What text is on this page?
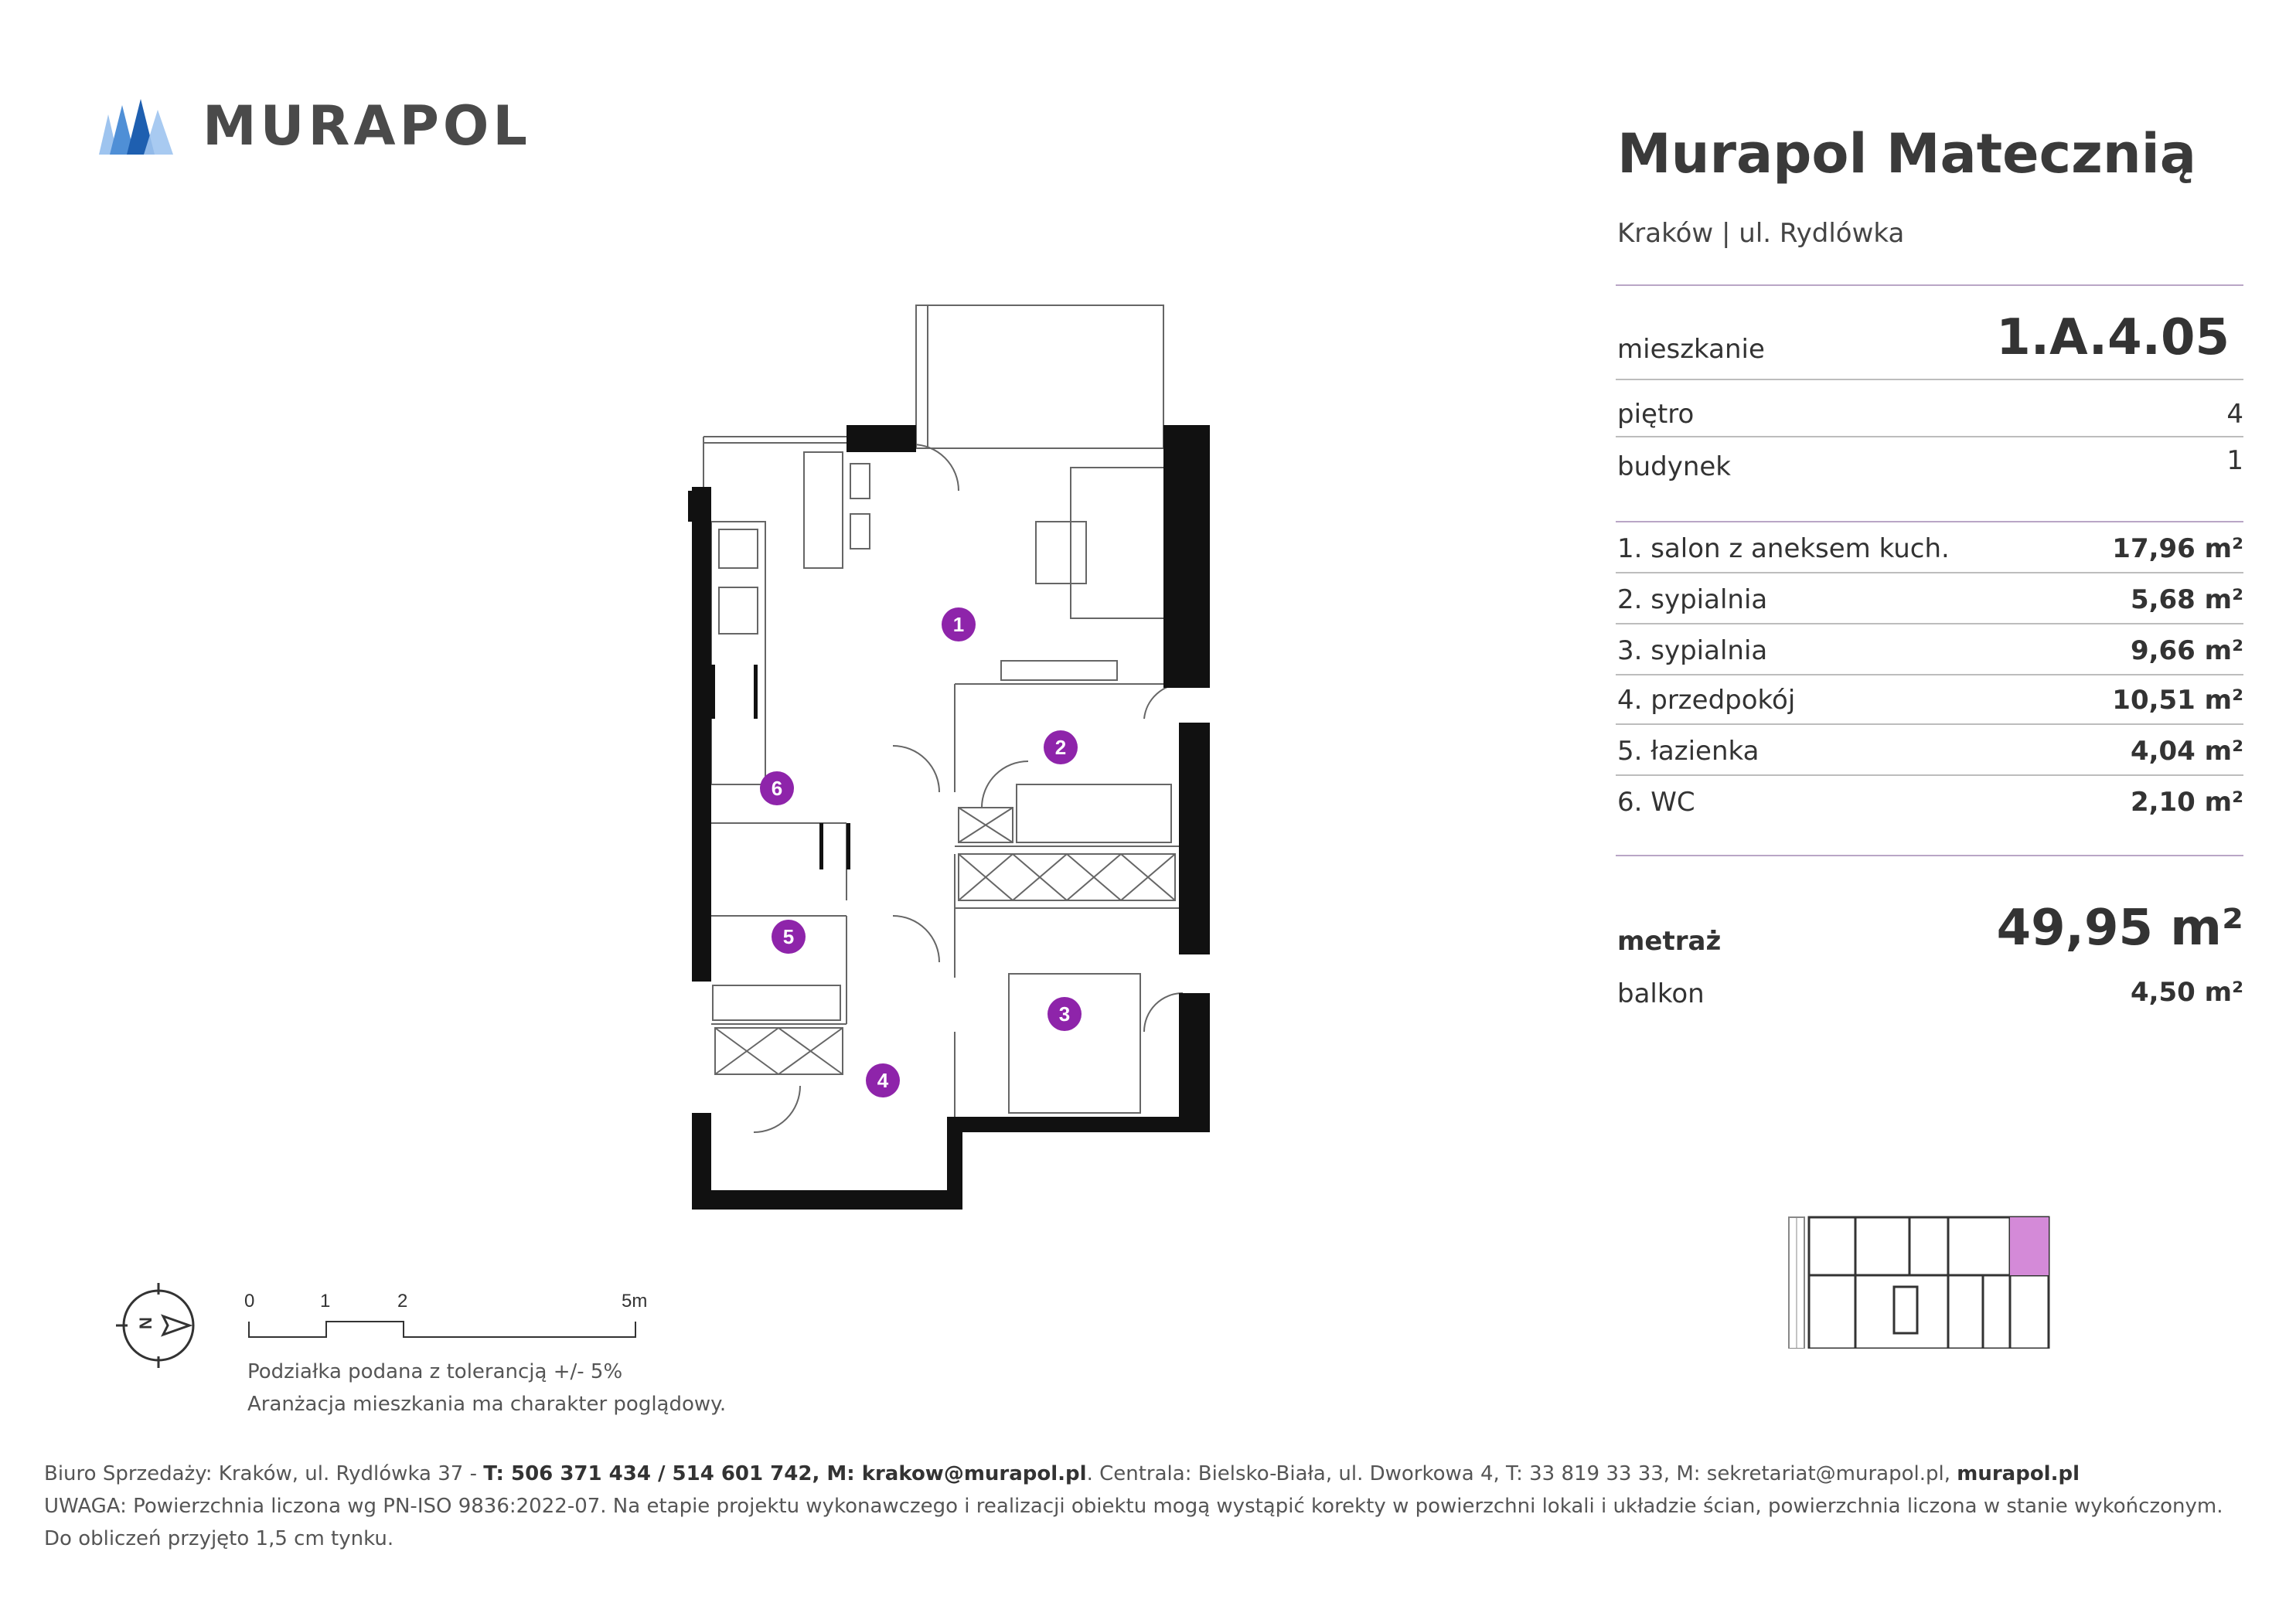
MURAPOL	Murapol Matecznią
Kraków | ul. Rydlówka
mieszkanie	1.A.4.05
piętro	4
budynek	1
1. salon z aneksem kuch.	17,96 m²
2. sypialnia	5,68 m²
3. sypialnia	9,66 m²
4. przedpokój	10,51 m²
5. łazienka	4,04 m²
6. WC	2,10 m²
metraż	49,95 m²
balkon	4,50 m²
1
2
3
4
5
6
N
0	1	2	5m
Podziałka podana z tolerancją +/- 5%
Aranżacja mieszkania ma charakter poglądowy.
Biuro Sprzedaży: Kraków, ul. Rydlówka 37 - T: 506 371 434 / 514 601 742, M: krakow@murapol.pl. Centrala: Bielsko-Biała, ul. Dworkowa 4, T: 33 819 33 33, M: sekretariat@murapol.pl, murapol.pl
UWAGA: Powierzchnia liczona wg PN-ISO 9836:2022-07. Na etapie projektu wykonawczego i realizacji obiektu mogą wystąpić korekty w powierzchni lokali i układzie ścian, powierzchnia liczona w stanie wykończonym.
Do obliczeń przyjęto 1,5 cm tynku.
